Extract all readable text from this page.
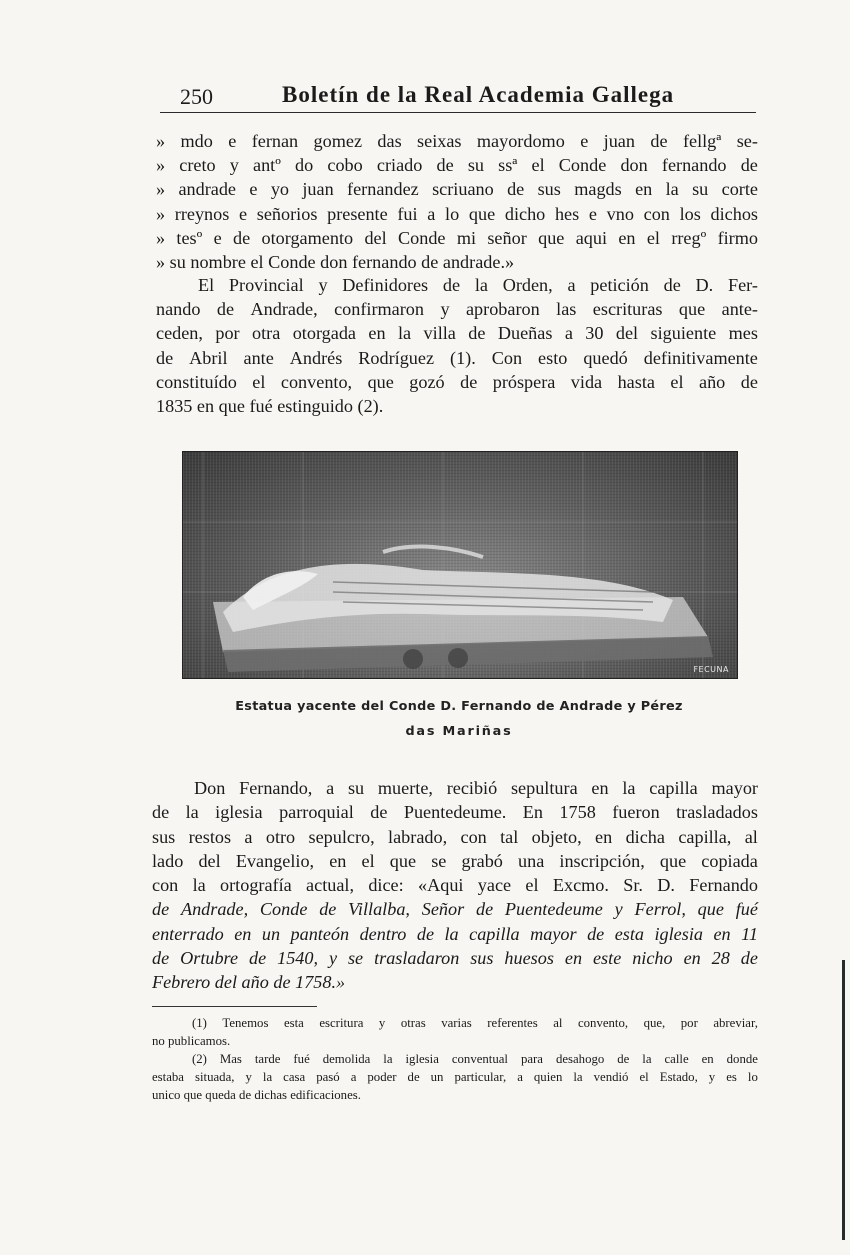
250	Boletín de la Real Academia Gallega
» mdo e fernan gomez das seixas mayordomo e juan de fellgª se-
» creto y antº do cobo criado de su ssª el Conde don fernando de
» andrade e yo juan fernandez scriuano de sus magds en la su corte
» rreynos e señorios presente fui a lo que dicho hes e vno con los dichos
» tesº e de otorgamento del Conde mi señor que aqui en el rregº firmo
» su nombre el Conde don fernando de andrade.»
El Provincial y Definidores de la Orden, a petición de D. Fer-
nando de Andrade, confirmaron y aprobaron las escrituras que ante-
ceden, por otra otorgada en la villa de Dueñas a 30 del siguiente mes
de Abril ante Andrés Rodríguez (1). Con esto quedó definitivamente
constituído el convento, que gozó de próspera vida hasta el año de
1835 en que fué estinguido (2).
FECUNA
Estatua yacente del Conde D. Fernando de Andrade y Pérez
das Mariñas
Don Fernando, a su muerte, recibió sepultura en la capilla mayor
de la iglesia parroquial de Puentedeume. En 1758 fueron trasladados
sus restos a otro sepulcro, labrado, con tal objeto, en dicha capilla, al
lado del Evangelio, en el que se grabó una inscripción, que copiada
con la ortografía actual, dice: «Aqui yace el Excmo. Sr. D. Fernando
de Andrade, Conde de Villalba, Señor de Puentedeume y Ferrol, que fué
enterrado en un panteón dentro de la capilla mayor de esta iglesia en 11
de Ortubre de 1540, y se trasladaron sus huesos en este nicho en 28 de
Febrero del año de 1758.»
(1) Tenemos esta escritura y otras varias referentes al convento, que, por abreviar,
no publicamos.
(2) Mas tarde fué demolida la iglesia conventual para desahogo de la calle en donde
estaba situada, y la casa pasó a poder de un particular, a quien la vendió el Estado, y es lo
unico que queda de dichas edificaciones.
